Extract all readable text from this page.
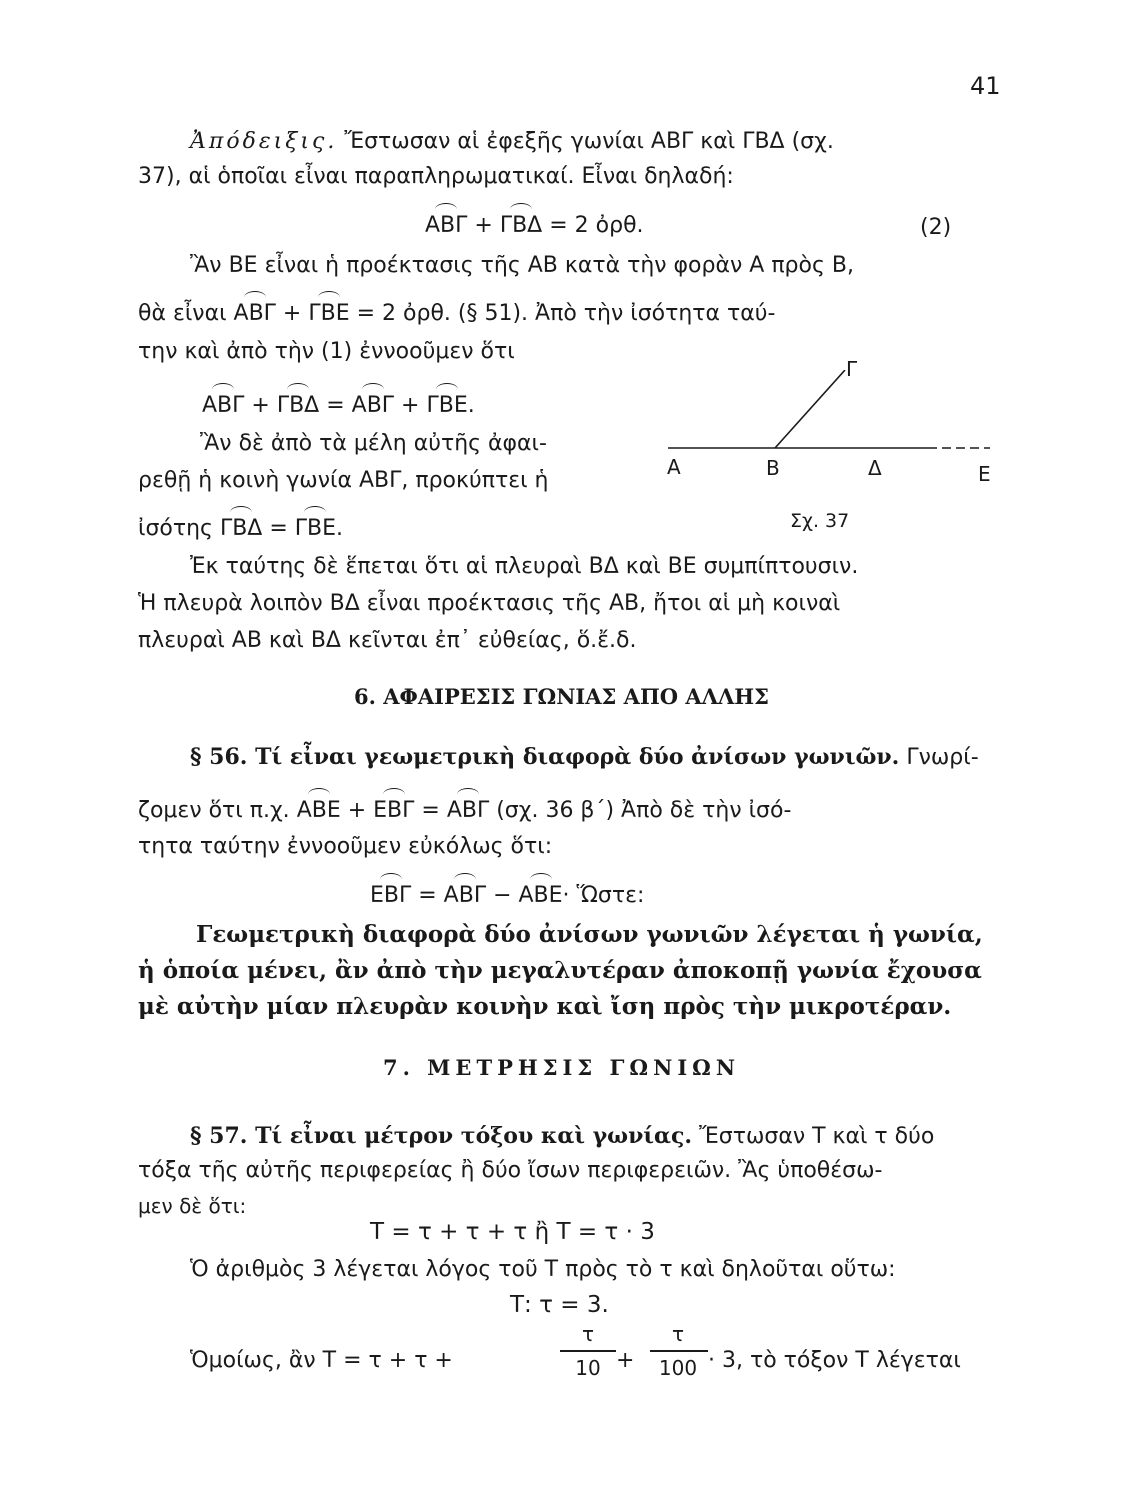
41
Ἀπόδειξις. Ἔστωσαν αἱ ἐφεξῆς γωνίαι ΑΒΓ καὶ ΓΒΔ (σχ.
37), αἱ ὁποῖαι εἶναι παραπληρωματικαί. Εἶναι δηλαδή:
ΑΒΓ + ΓΒΔ = 2 ὀρθ.	(2)
Ἂν ΒΕ εἶναι ἡ προέκτασις τῆς ΑΒ κατὰ τὴν φορὰν Α πρὸς Β,
θὰ εἶναι ΑΒΓ + ΓΒΕ = 2 ὀρθ. (§ 51). Ἀπὸ τὴν ἰσότητα ταύ-
την καὶ ἀπὸ τὴν (1) ἐννοοῦμεν ὅτι
ΑΒΓ + ΓΒΔ = ΑΒΓ + ΓΒΕ.
Ἂν δὲ ἀπὸ τὰ μέλη αὐτῆς ἀφαι-
ρεθῇ ἡ κοινὴ γωνία ΑΒΓ, προκύπτει ἡ
ἰσότης ΓΒΔ = ΓΒΕ.
Γ
Α	Β	Δ	Ε
Σχ. 37
Ἐκ ταύτης δὲ ἕπεται ὅτι αἱ πλευραὶ ΒΔ καὶ ΒΕ συμπίπτουσιν.
Ἡ πλευρὰ λοιπὸν ΒΔ εἶναι προέκτασις τῆς ΑΒ, ἤτοι αἱ μὴ κοιναὶ
πλευραὶ ΑΒ καὶ ΒΔ κεῖνται ἐπ᾽ εὐθείας, ὅ.ἔ.δ.
6. ΑΦΑΙΡΕΣΙΣ ΓΩΝΙΑΣ ΑΠΟ ΑΛΛΗΣ
§ 56. Τί εἶναι γεωμετρικὴ διαφορὰ δύο ἀνίσων γωνιῶν. Γνωρί-
ζομεν ὅτι π.χ. ΑΒΕ + ΕΒΓ = ΑΒΓ (σχ. 36 β΄) Ἀπὸ δὲ τὴν ἰσό-
τητα ταύτην ἐννοοῦμεν εὐκόλως ὅτι:
ΕΒΓ = ΑΒΓ − ΑΒΕ· Ὥστε:
Γεωμετρικὴ διαφορὰ δύο ἀνίσων γωνιῶν λέγεται ἡ γωνία,
ἡ ὁποία μένει, ἂν ἀπὸ τὴν μεγαλυτέραν ἀποκοπῇ γωνία ἔχουσα
μὲ αὐτὴν μίαν πλευρὰν κοινὴν καὶ ἴση πρὸς τὴν μικροτέραν.
7. ΜΕΤΡΗΣΙΣ ΓΩΝΙΩΝ
§ 57. Τί εἶναι μέτρον τόξου καὶ γωνίας. Ἔστωσαν Τ καὶ τ δύο
τόξα τῆς αὐτῆς περιφερείας ἢ δύο ἴσων περιφερειῶν. Ἂς ὑποθέσω-
μεν δὲ ὅτι:
Τ = τ + τ + τ ἢ Τ = τ · 3
Ὁ ἀριθμὸς 3 λέγεται λόγος τοῦ Τ πρὸς τὸ τ καὶ δηλοῦται οὕτω:
Τ: τ = 3.
Ὁμοίως, ἂν Τ = τ + τ +
τ
10 +
τ
100 · 3, τὸ τόξον Τ λέγεται
